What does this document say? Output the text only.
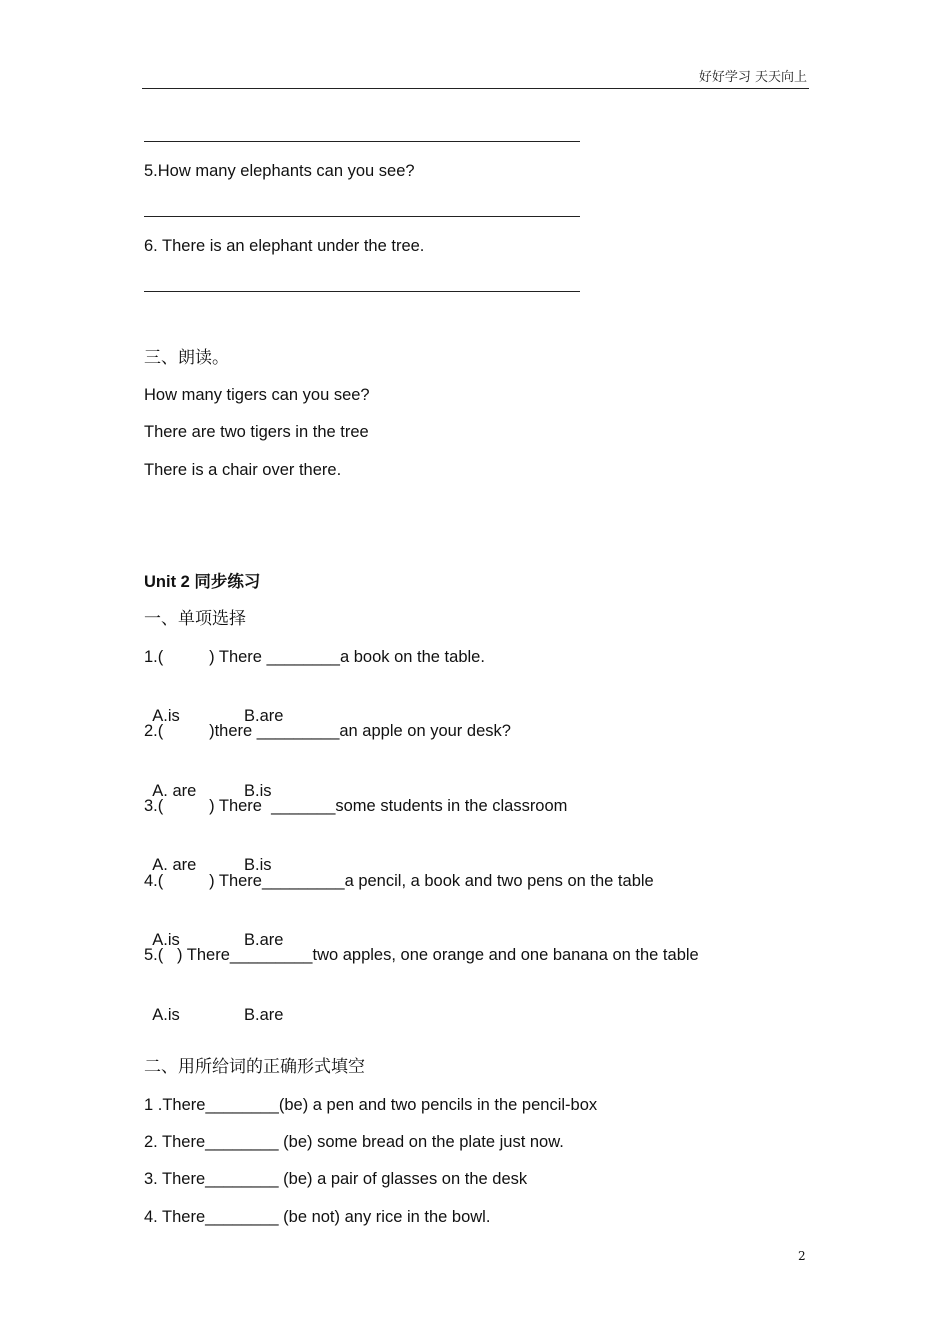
好好学习 天天向上
5.How many elephants can you see?
6. There is an elephant under the tree.
三、朗读。
How many tigers can you see?
There are two tigers in the tree
There is a chair over there.
Unit 2 同步练习
一、单项选择
1.(          ) There ________a book on the table.

A.is	B.are

2.(          )there _________an apple on your desk?

A. are	B.is

3.(          ) There  _______some students in the classroom

A. are	B.is

4.(          ) There_________a pencil, a book and two pens on the table

A.is	B.are

5.(   ) There_________two apples, one orange and one banana on the table

A.is	B.are

二、用所给词的正确形式填空
1 .There________(be) a pen and two pencils in the pencil-box
2. There________ (be) some bread on the plate just now.
3. There________ (be) a pair of glasses on the desk
4. There________ (be not) any rice in the bowl.
2
